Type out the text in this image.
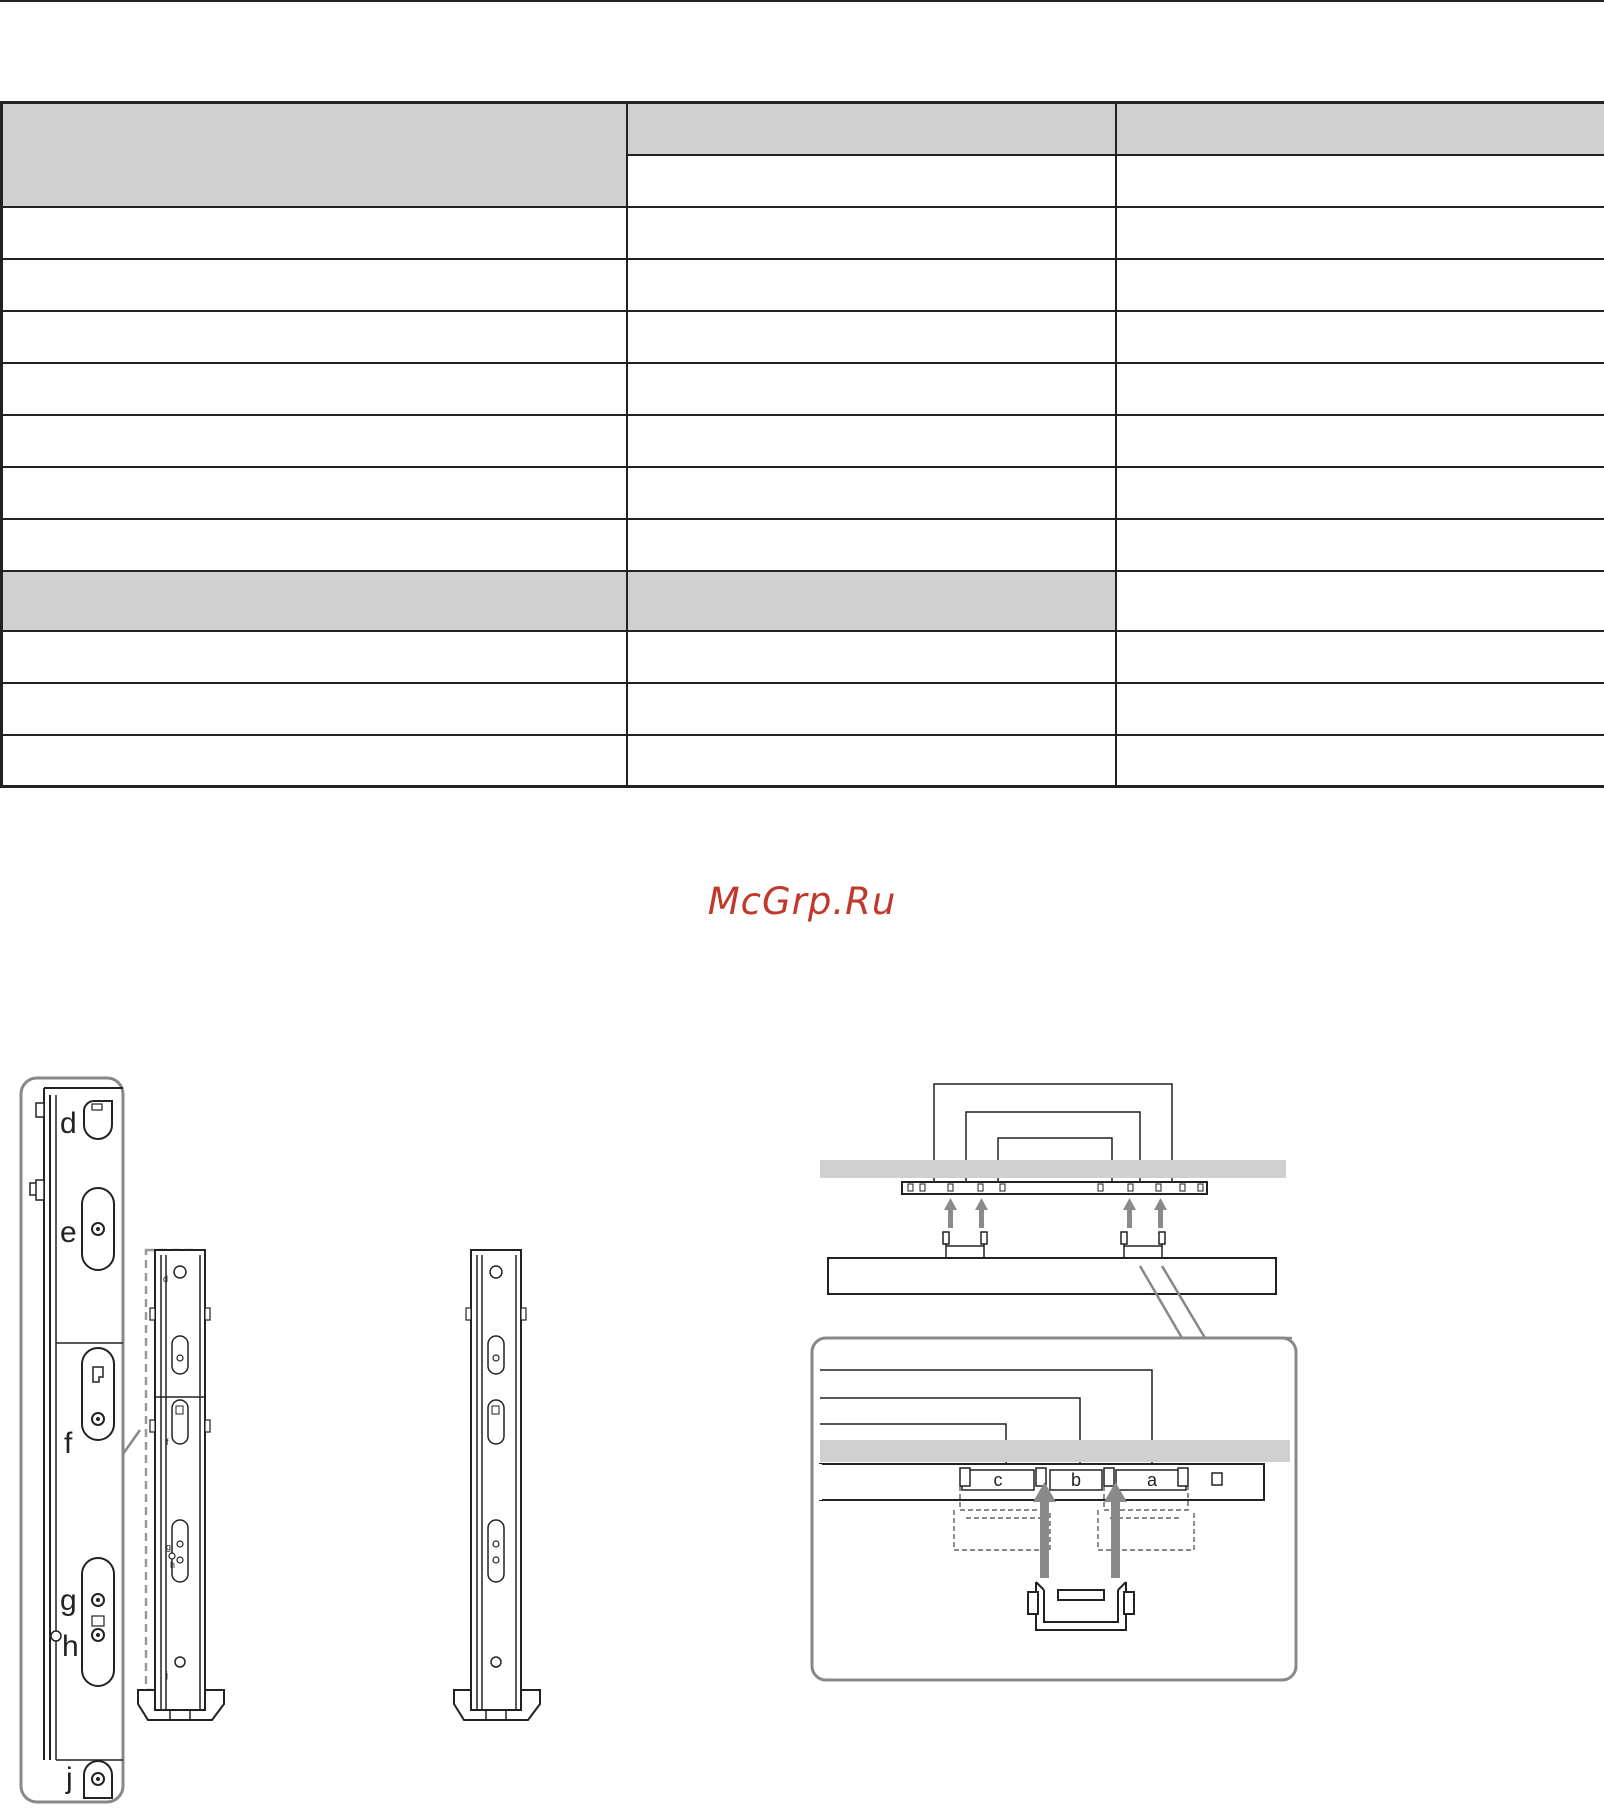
McGrp.Ru
d
e
f
g
h
j
d
f
g
h
j
c	b	a
